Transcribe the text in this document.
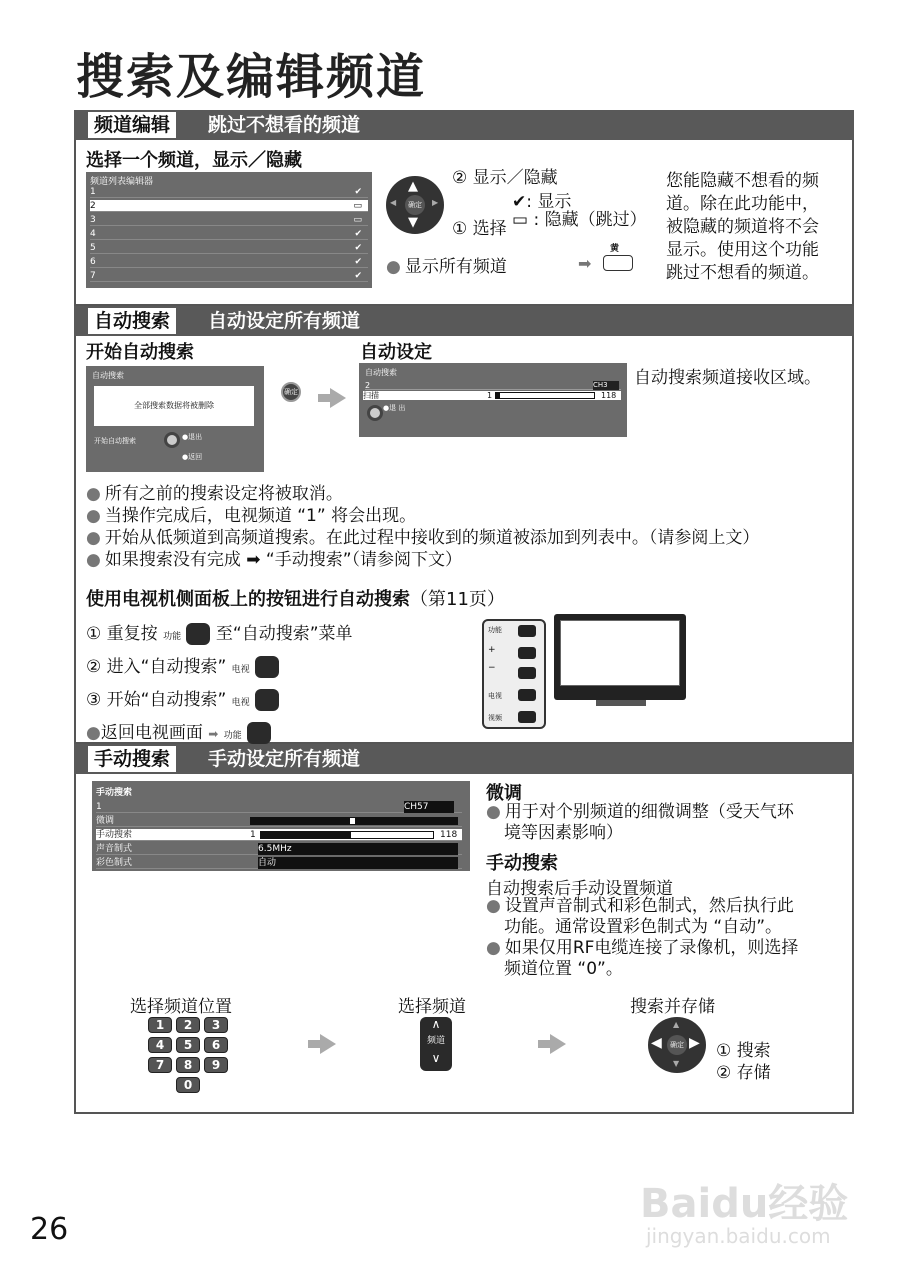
搜索及编辑频道
频道编辑	跳过不想看的频道
选择一个频道，显示／隐藏
频道列表编辑器
1	✔
2	▭
3	▭
4	✔
5	✔
6	✔
7	✔
确定
▲
▼
◀	▶
② 显示／隐藏
① 选择
✔: 显示
▭ : 隐藏（跳过）
● 显示所有频道	➡
黄
您能隐藏不想看的频
道。除在此功能中，
被隐藏的频道将不会
显示。使用这个功能
跳过不想看的频道。
自动搜索	自动设定所有频道
开始自动搜索	自动设定
自动搜索
全部搜索数据将被删除
开始自动搜索	●退出
●返回
确定
自动搜索
2	CH3
扫描	1	118
●退 出
自动搜索频道接收区域。
● 所有之前的搜索设定将被取消。
● 当操作完成后，电视频道 “1” 将会出现。
● 开始从低频道到高频道搜索。在此过程中接收到的频道被添加到列表中。（请参阅上文）
● 如果搜索没有完成 ➡ “手动搜索”（请参阅下文）
使用电视机侧面板上的按钮进行自动搜索（第11页）
① 重复按 功能 至“自动搜索”菜单
② 进入“自动搜索” 电视
③ 开始“自动搜索” 电视
●返回电视画面 ➡ 功能
功能
+
−
电视
视频
手动搜索	手动设定所有频道
手动搜索
1	CH57
微调
手动搜索	1	118
声音制式	6.5MHz
彩色制式	自动
微调
● 用于对个别频道的细微调整（受天气环
境等因素影响）
手动搜索
自动搜索后手动设置频道
● 设置声音制式和彩色制式，然后执行此
功能。通常设置彩色制式为 “自动”。
● 如果仅用RF电缆连接了录像机，则选择
频道位置 “0”。
选择频道位置
1	2	3
4	5	6
7	8	9
0
选择频道
∧
频道
∨
搜索并存储
确定
◀ ▶
▲
▼
① 搜索
② 存储
26
Baidu经验
jingyan.baidu.com
